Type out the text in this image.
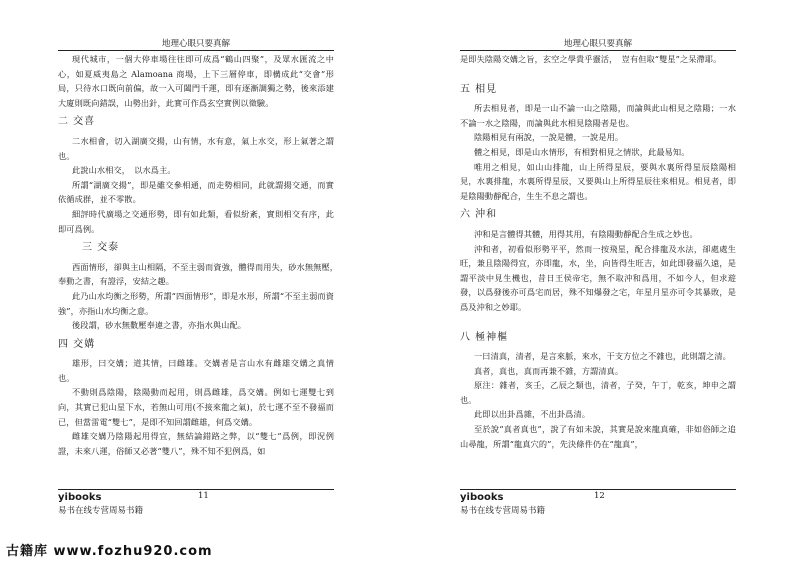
地理心眼只要真解

現代城市，一個大停車場往往即可成爲“鶴山四聚”，及眾水匯流之中心，如夏威夷島之 Alamoana 商場，上下三層停車，即構成此“交會”形局，只待水口既向前偏，故一入可闔門千運，即有逐漸調獨之勢，後來添建大廈則既向錯誤，山勢出針，此實可作爲玄空實例以徵驗。

二 交喜

二水相會，切入湖廣交揚，山有情，水有意，氣上水交，形上氣著之謂也。

此說山水相交，　以水爲主。

所謂“湖廣交揚”，即是雖交參相通，而走勢相同，此就謂揚交通，而實依循成群，並不零散。

細評時代廣場之交通形勢，即有如此類，看似紛紊，實則相交有序，此即可爲例。

三 交泰

西面情形，卻與主山相隔，不至主弱而資強，體得而用失，砂水無無壓，　奉動之書，有證浮，安結之趣。

此乃山水均衡之形勢，所謂“四面情形”，即是水形，所謂“不至主弱而資強”，亦指山水均衡之意。

後段謂，砂水無數壓奉違之書，亦指水與山配。

四 交媾

雄形，曰交媾；道其情，曰雌雄。交媾者是言山水有雌雄交媾之真情也。

不動則爲陰陽，陰陽動而起用，則爲雌雄，爲交媾。例如七運雙七到向，其實已犯山星下水，若無山可用(不接來龍之氣)，於七運不至不發福而已，但當雷電“雙七”，是即不知回謂雌雄，何爲交媾。

雌雄交媾乃陰陽起用得宜，無結論錯路之弊，以“雙七”爲例，即況例證，未來八運，俗師又必著“雙八”，殊不知不犯例爲，如

yibooks
易书在线专营周易书籍
11
地理心眼只要真解

是即失陰陽交媾之旨，玄空之學貴乎靈活，　豈有但取“雙星”之呆滯耶。

五 相見

所去相見者，即是一山不論一山之陰陽，而論與此山相見之陰陽；一水不論一水之陰陽，而論與此水相見陰陽者是也。

陰陽相見有兩說，一說是體，一說是用。

體之相見，即是山水情形，有相對相見之情狀，此最易知。

唯用之相見，如山山排龍，山上所得星辰，要與水裏所得星辰陰陽相見，水裏排龍，水裏所得星辰，又要與山上所得星辰往來相見。相見者，即是陰陽動靜配合，生生不息之謂也。

六 沖和

沖和是言體得其體，用得其用，有陰陽動靜配合生成之妙也。

沖和者，初看似形勢平平，然而一按飛星，配合排龍及水法，卻處處生旺，兼且陰陽得宜，亦即龍，水，坐，向皆得生旺吉，如此即發福久遠，是謂平淡中見生機也，昔日王侯帝宅，無不取沖和爲用，不如今人，但求遊發，以爲發後亦可爲宅而居，殊不知爆發之宅，年星月星亦可令其暴敗，是爲及沖和之妙耶。

八 極神樞

一曰清真，清者，是言來脈，來水，干支方位之不雜也，此則謂之清。

真者，真也，真而再兼不雜，方謂清真。

原注：雜者，亥壬，乙辰之類也，清者，子癸，午丁，乾亥，坤申之謂也。

此即以出卦爲雜，不出卦爲清。

至於說“真者真也”，說了有如未說，其實是說來龍真確，非如俗師之追山尋龍，所謂“龍真穴的”，先決條件仍在“龍真”，

yibooks
易书在线专营周易书籍
12
古籍库 www.fozhu920.com
